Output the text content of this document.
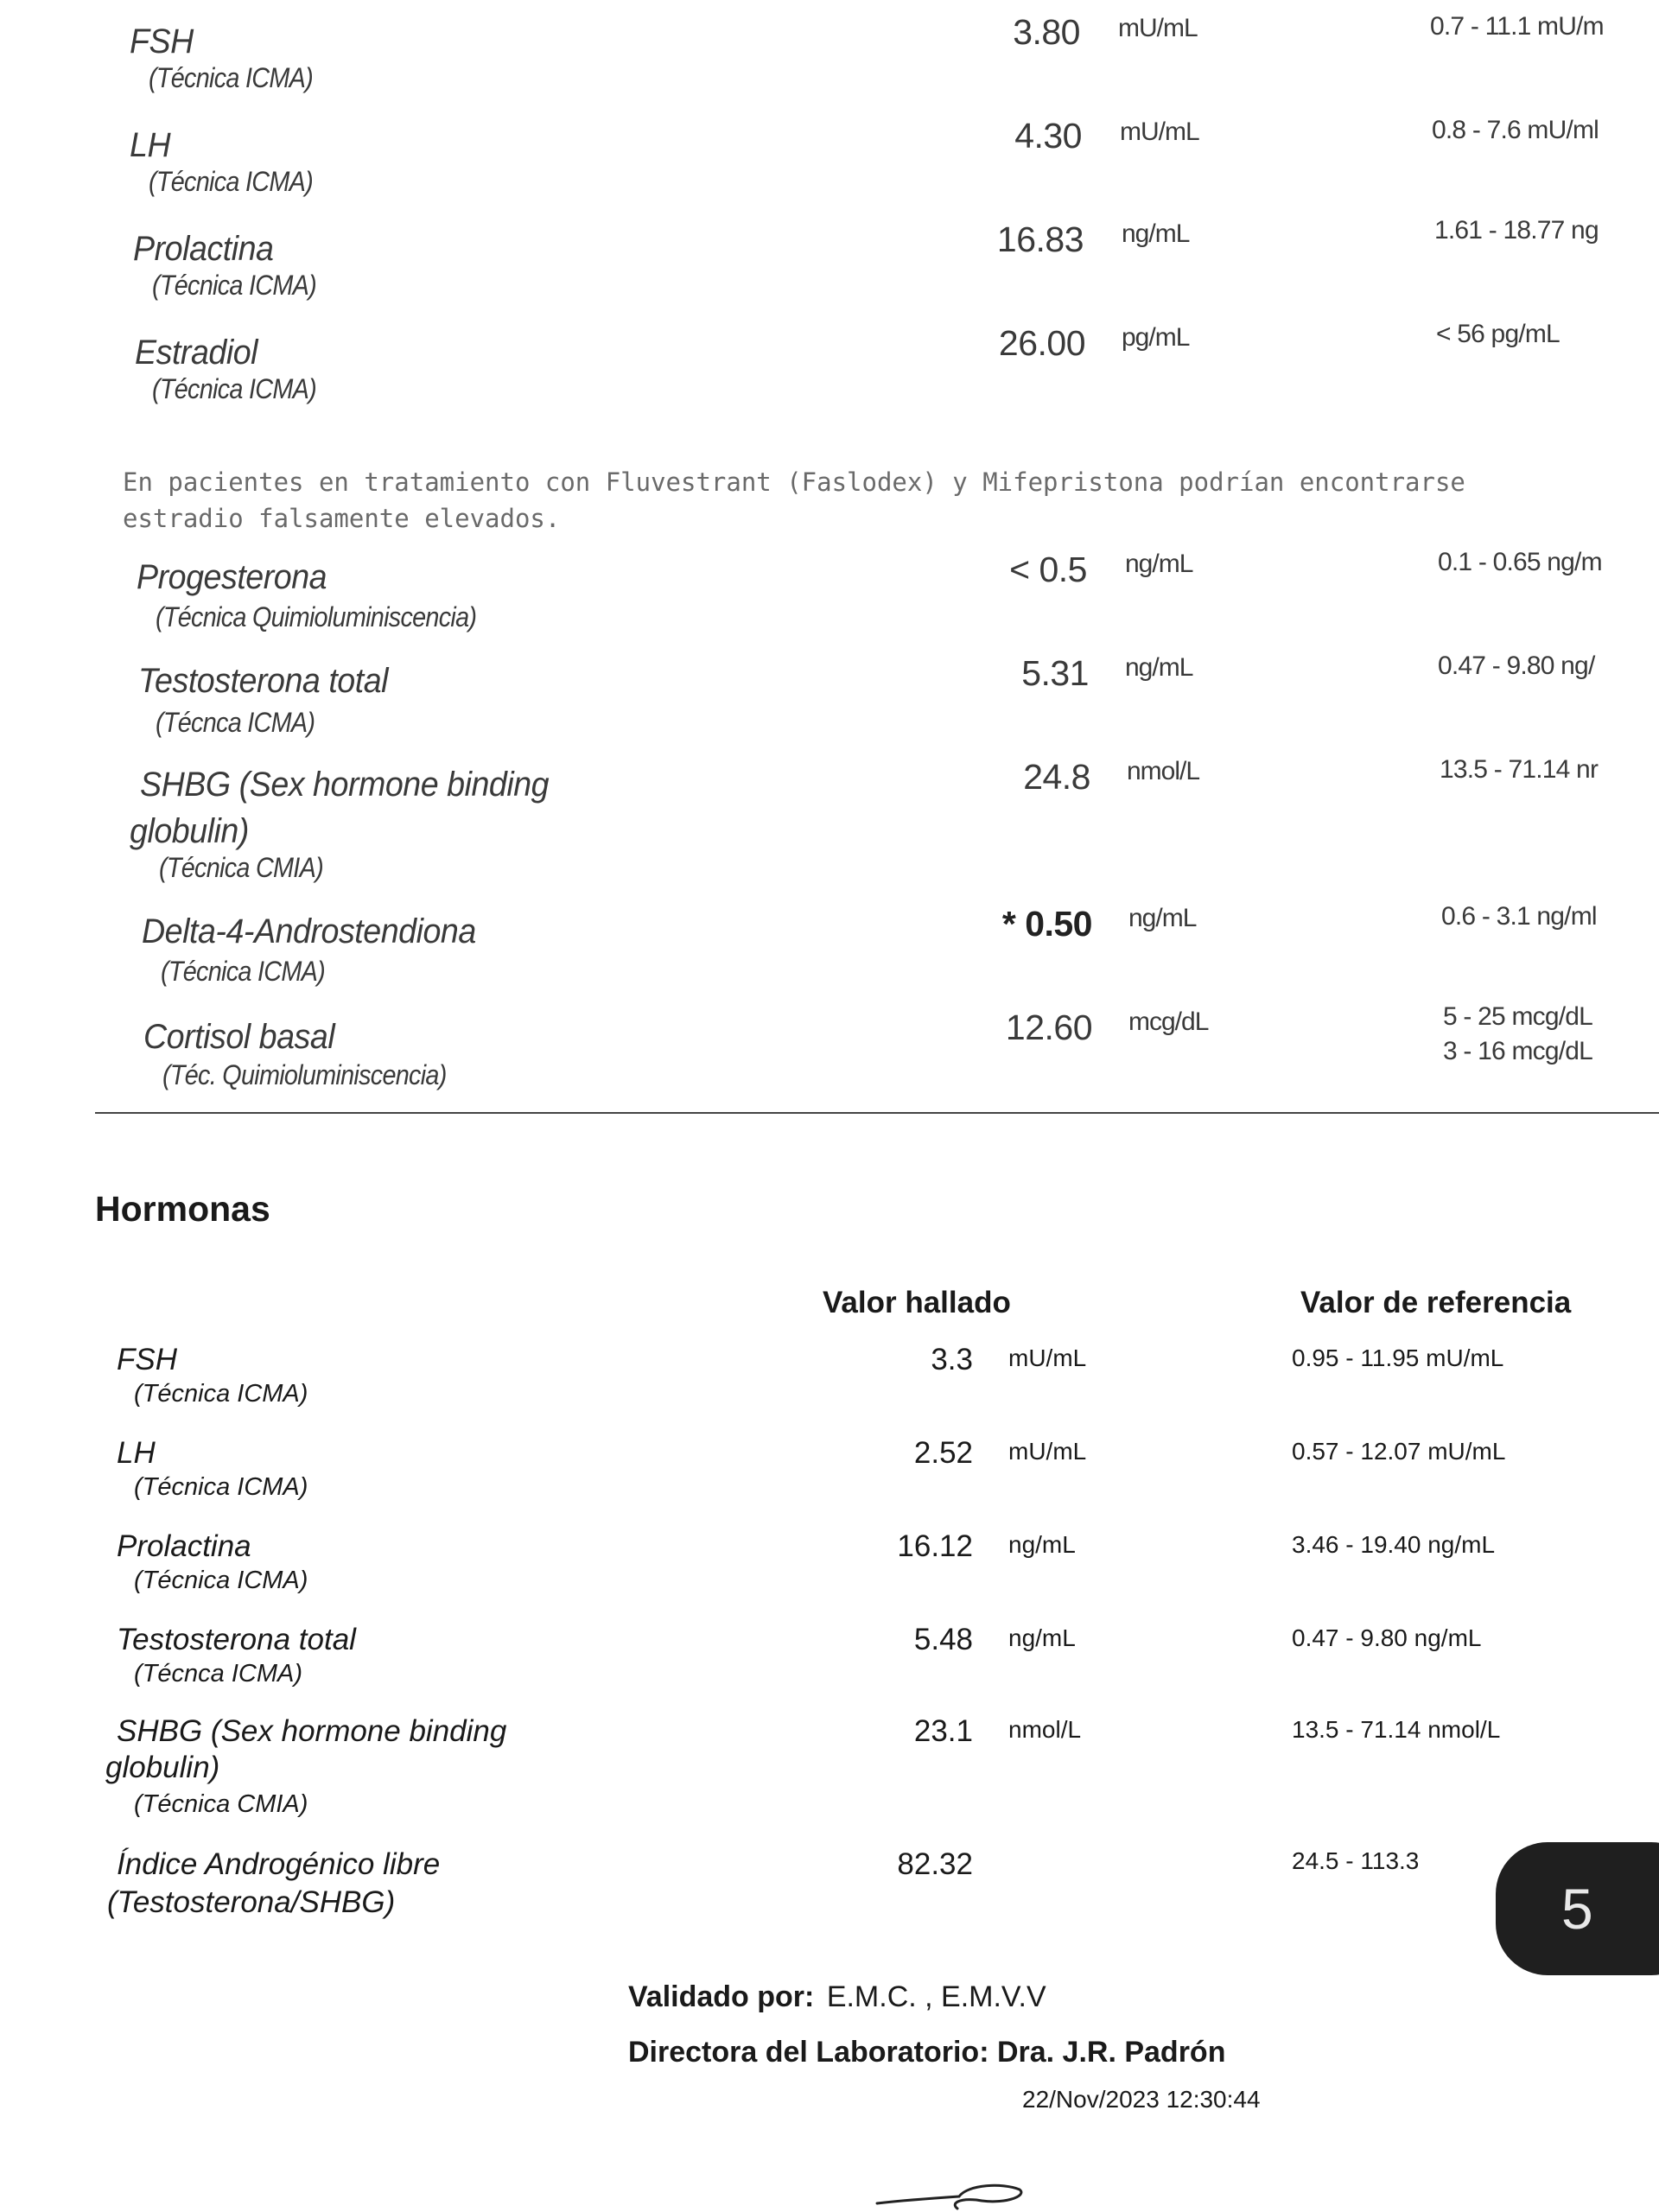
FSH
(Técnica ICMA)
3.80 mU/mL	0.7 - 11.1 mU/m
LH
(Técnica ICMA)
4.30 mU/mL	0.8 - 7.6 mU/ml
Prolactina
(Técnica ICMA)
16.83 ng/mL	1.61 - 18.77 ng
Estradiol
(Técnica ICMA)
26.00 pg/mL	< 56 pg/mL
En pacientes en tratamiento con Fluvestrant (Faslodex) y Mifepristona podrían encontrarse
estradio falsamente elevados.
Progesterona
(Técnica Quimioluminiscencia)
< 0.5 ng/mL	0.1 - 0.65 ng/m
Testosterona total
(Técnca ICMA)
5.31 ng/mL	0.47 - 9.80 ng/
SHBG (Sex hormone binding
globulin)
(Técnica CMIA)
24.8 nmol/L	13.5 - 71.14 nr
Delta-4-Androstendiona
(Técnica ICMA)
* 0.50 ng/mL	0.6 - 3.1 ng/ml
Cortisol basal
(Téc. Quimioluminiscencia)
12.60 mcg/dL	5 - 25 mcg/dL
3 - 16 mcg/dL
Hormonas
Valor hallado	Valor de referencia
FSH
(Técnica ICMA)
3.3 mU/mL	0.95 - 11.95 mU/mL
LH
(Técnica ICMA)
2.52 mU/mL	0.57 - 12.07 mU/mL
Prolactina
(Técnica ICMA)
16.12 ng/mL	3.46 - 19.40 ng/mL
Testosterona total
(Técnca ICMA)
5.48 ng/mL	0.47 - 9.80 ng/mL
SHBG (Sex hormone binding
globulin)
(Técnica CMIA)
23.1 nmol/L	13.5 - 71.14 nmol/L
Índice Androgénico libre
(Testosterona/SHBG)
82.32	24.5 - 113.3
Validado por: E.M.C. , E.M.V.V
Directora del Laboratorio: Dra. J.R. Padrón
22/Nov/2023 12:30:44
5
